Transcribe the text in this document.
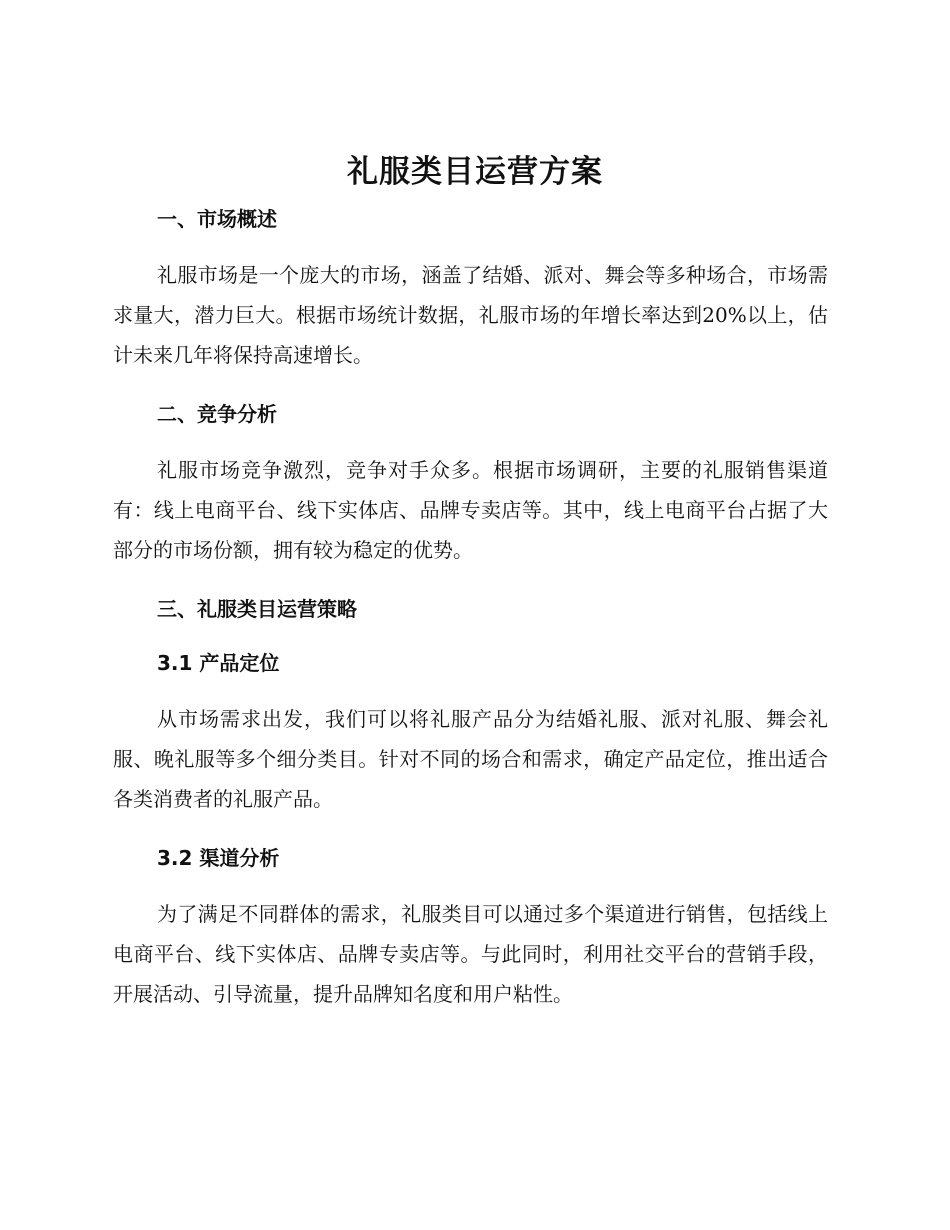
礼服类目运营方案
一、市场概述

礼服市场是一个庞大的市场，涵盖了结婚、派对、舞会等多种场合，市场需求量大，潜力巨大。根据市场统计数据，礼服市场的年增长率达到20%以上，估计未来几年将保持高速增长。

二、竞争分析

礼服市场竞争激烈，竞争对手众多。根据市场调研，主要的礼服销售渠道有：线上电商平台、线下实体店、品牌专卖店等。其中，线上电商平台占据了大部分的市场份额，拥有较为稳定的优势。

三、礼服类目运营策略
3.1 产品定位

从市场需求出发，我们可以将礼服产品分为结婚礼服、派对礼服、舞会礼服、晚礼服等多个细分类目。针对不同的场合和需求，确定产品定位，推出适合各类消费者的礼服产品。

3.2 渠道分析

为了满足不同群体的需求，礼服类目可以通过多个渠道进行销售，包括线上电商平台、线下实体店、品牌专卖店等。与此同时，利用社交平台的营销手段，开展活动、引导流量，提升品牌知名度和用户粘性。
